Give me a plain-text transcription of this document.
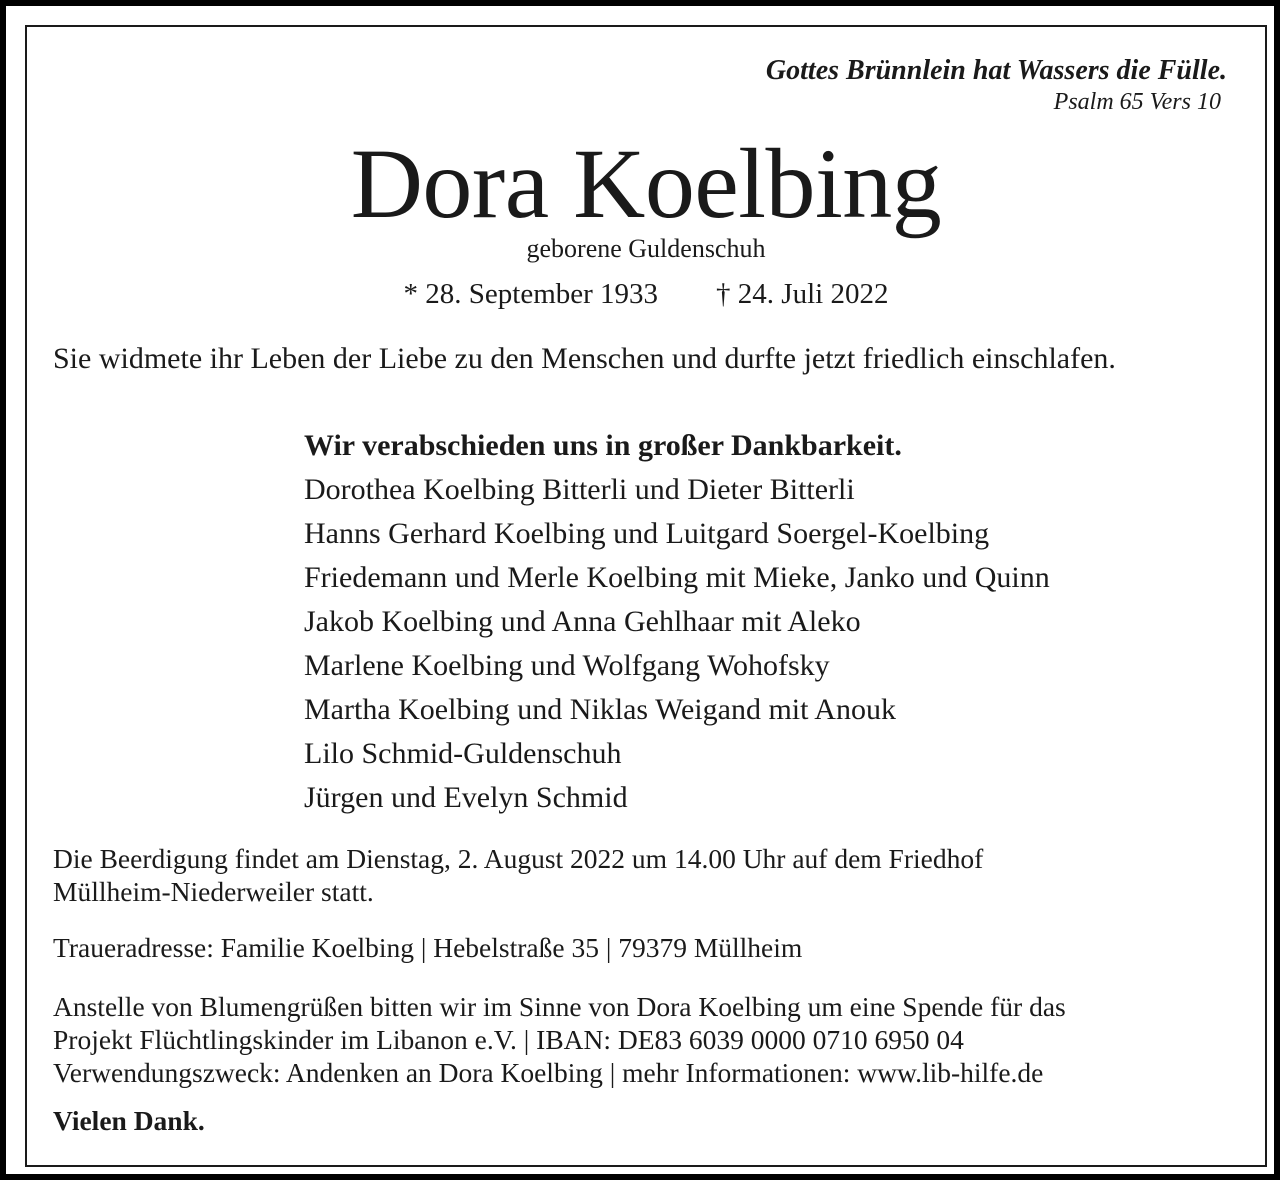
Gottes Brünnlein hat Wassers die Fülle.
Psalm 65 Vers 10
Dora Koelbing
geborene Guldenschuh
* 28. September 1933 † 24. Juli 2022
Sie widmete ihr Leben der Liebe zu den Menschen und durfte jetzt friedlich einschlafen.
Wir verabschieden uns in großer Dankbarkeit.
Dorothea Koelbing Bitterli und Dieter Bitterli
Hanns Gerhard Koelbing und Luitgard Soergel-Koelbing
Friedemann und Merle Koelbing mit Mieke, Janko und Quinn
Jakob Koelbing und Anna Gehlhaar mit Aleko
Marlene Koelbing und Wolfgang Wohofsky
Martha Koelbing und Niklas Weigand mit Anouk
Lilo Schmid-Guldenschuh
Jürgen und Evelyn Schmid
Die Beerdigung findet am Dienstag, 2. August 2022 um 14.00 Uhr auf dem Friedhof
Müllheim-Niederweiler statt.
Traueradresse: Familie Koelbing | Hebelstraße 35 | 79379 Müllheim
Anstelle von Blumengrüßen bitten wir im Sinne von Dora Koelbing um eine Spende für das
Projekt Flüchtlingskinder im Libanon e.V. | IBAN: DE83 6039 0000 0710 6950 04
Verwendungszweck: Andenken an Dora Koelbing | mehr Informationen: www.lib-hilfe.de
Vielen Dank.
